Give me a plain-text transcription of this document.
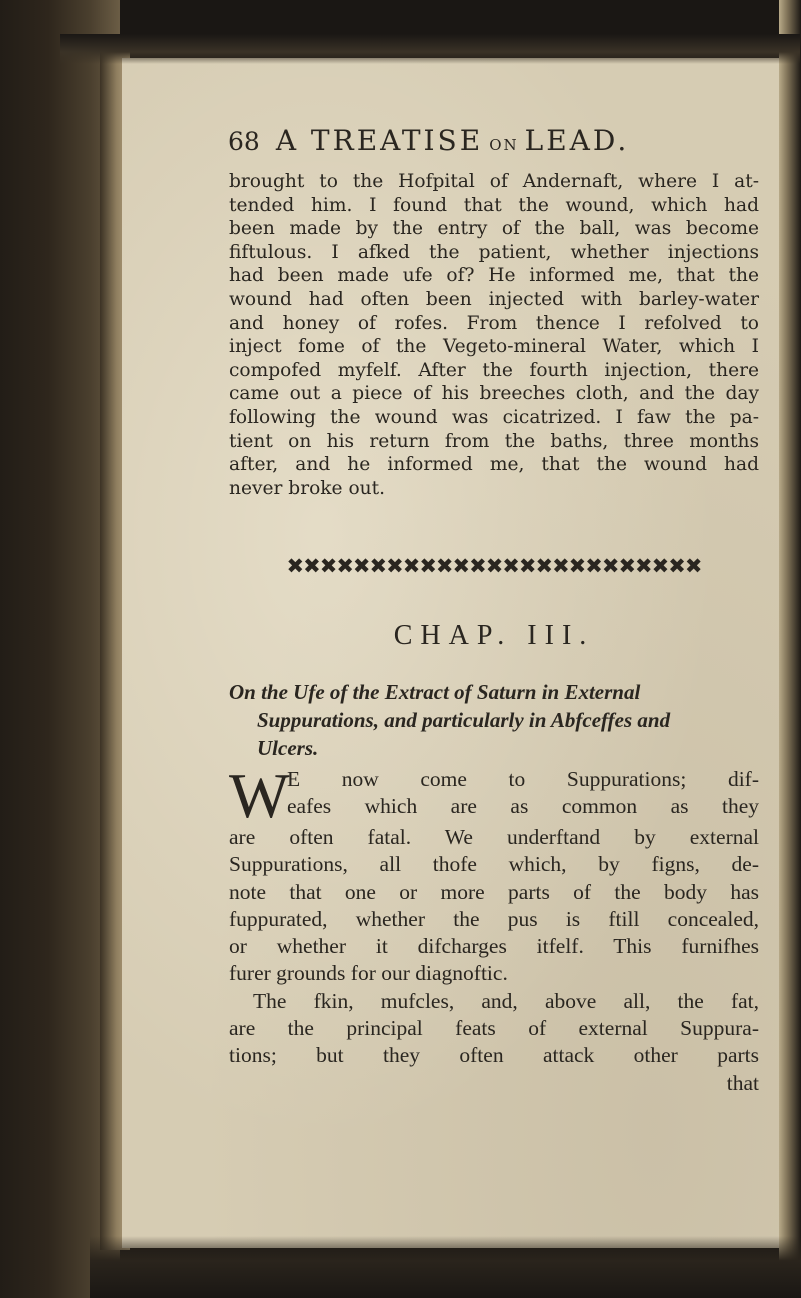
68 A TREATISE ON LEAD.
brought to the Hofpital of Andernaft, where I at-
tended him. I found that the wound, which had
been made by the entry of the ball, was become
fiftulous. I afked the patient, whether injections
had been made ufe of? He informed me, that the
wound had often been injected with barley-water
and honey of rofes. From thence I refolved to
inject fome of the Vegeto-mineral Water, which I
compofed myfelf. After the fourth injection, there
came out a piece of his breeches cloth, and the day
following the wound was cicatrized. I faw the pa-
tient on his return from the baths, three months
after, and he informed me, that the wound had
never broke out.
✖✖✖✖✖✖✖✖✖✖✖✖✖✖✖✖✖✖✖✖✖✖✖✖✖
CHAP. III.
On the Ufe of the Extract of Saturn in External
Suppurations, and particularly in Abfceffes and
Ulcers.
W
E now come to Suppurations; dif-
eafes which are as common as they
are often fatal. We underftand by external
Suppurations, all thofe which, by figns, de-
note that one or more parts of the body has
fuppurated, whether the pus is ftill concealed,
or whether it difcharges itfelf. This furnifhes
furer grounds for our diagnoftic.
The fkin, mufcles, and, above all, the fat,
are the principal feats of external Suppura-
tions; but they often attack other parts
that
